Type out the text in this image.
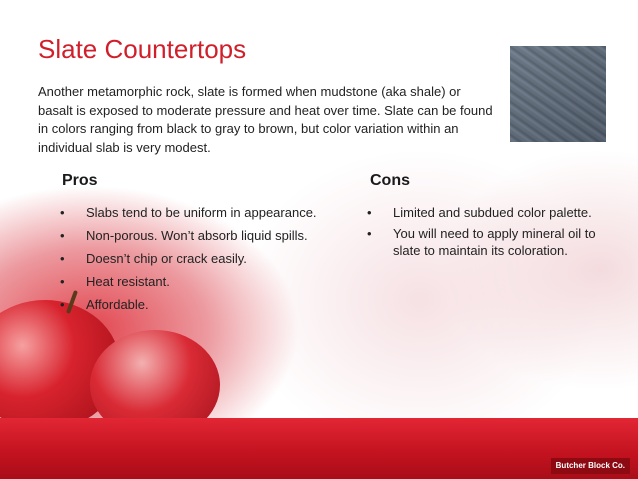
Slate Countertops

Another metamorphic rock, slate is formed when mudstone (aka shale) or basalt is exposed to moderate pressure and heat over time. Slate can be found in colors ranging from black to gray to brown, but color variation within an individual slab is very modest.

Pros
• Slabs tend to be uniform in appearance.
• Non-porous. Won’t absorb liquid spills.
• Doesn’t chip or crack easily.
• Heat resistant.
• Affordable.
Cons
• Limited and subdued color palette.
• You will need to apply mineral oil to slate to maintain its coloration.
Butcher Block Co.
